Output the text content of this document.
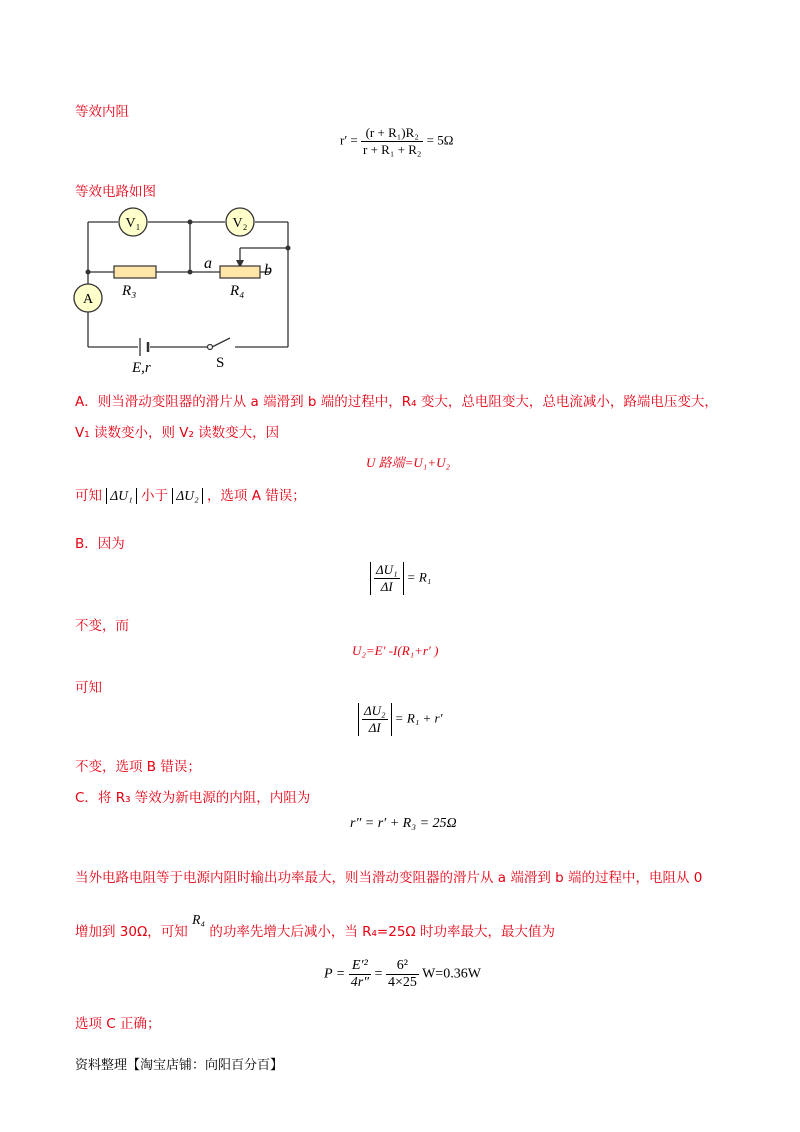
等效内阻
$r' = \frac{\text{(r + R₁)R₂}}{\text{r + R₁ + R₂}} = 5\Omega$
等效电路如图
V₁	V₂
A
R₃	R₄
a	b
E,r	S
A．则当滑动变阻器的滑片从 a 端滑到 b 端的过程中，R₄ 变大，总电阻变大，总电流减小，路端电压变大，
V₁ 读数变小，则 V₂ 读数变大，因
U 路端=U₁+U₂
可知 ΔU₁ 小于 ΔU₂ ，选项 A 错误；
B．因为
$\frac{\text{ΔU₁}}{\Delta I} = R_1$
不变，而
U₂=E′ -I(R₁+r′ )
可知
$\frac{\text{ΔU₂}}{\Delta I} = R_1 + r'$
不变，选项 B 错误；
C．将 R₃ 等效为新电源的内阻，内阻为
r″ = r′ + R₃ = 25Ω
当外电路电阻等于电源内阻时输出功率最大，则当滑动变阻器的滑片从 a 端滑到 b 端的过程中，电阻从 0
增加到 30Ω，可知 R₄ 的功率先增大后减小，当 R₄=25Ω 时功率最大，最大值为
$P = \frac{\text{E′²}}{4r''} = \frac{\text{6²}}{4\times 25} W=0.36W$
选项 C 正确；
资料整理【淘宝店铺：向阳百分百】
